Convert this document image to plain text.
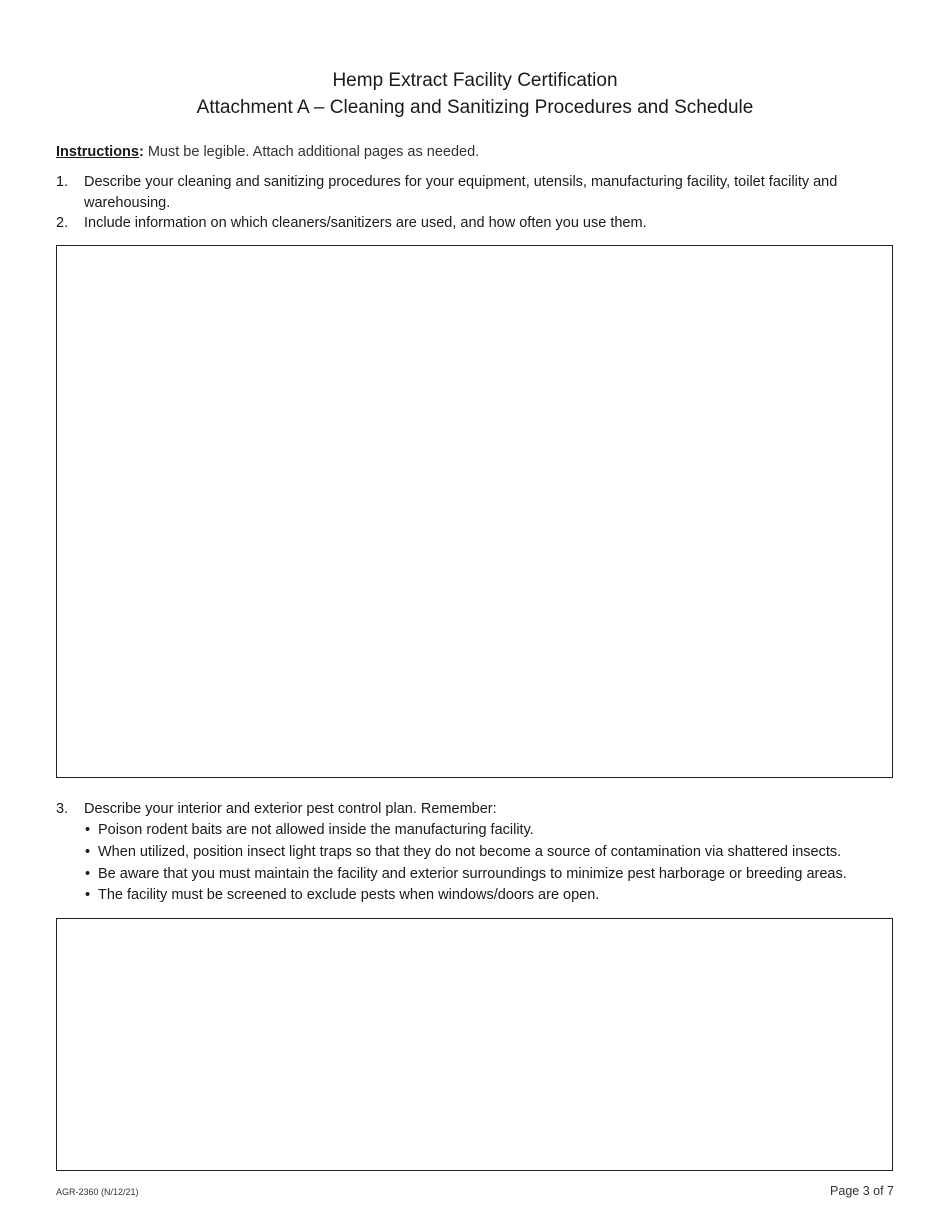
Hemp Extract Facility Certification
Attachment A – Cleaning and Sanitizing Procedures and Schedule
Instructions: Must be legible. Attach additional pages as needed.
1. Describe your cleaning and sanitizing procedures for your equipment, utensils, manufacturing facility, toilet facility and warehousing.
2. Include information on which cleaners/sanitizers are used, and how often you use them.
3. Describe your interior and exterior pest control plan. Remember:
• Poison rodent baits are not allowed inside the manufacturing facility.
• When utilized, position insect light traps so that they do not become a source of contamination via shattered insects.
• Be aware that you must maintain the facility and exterior surroundings to minimize pest harborage or breeding areas.
• The facility must be screened to exclude pests when windows/doors are open.
AGR-2360 (N/12/21)	Page 3 of 7
